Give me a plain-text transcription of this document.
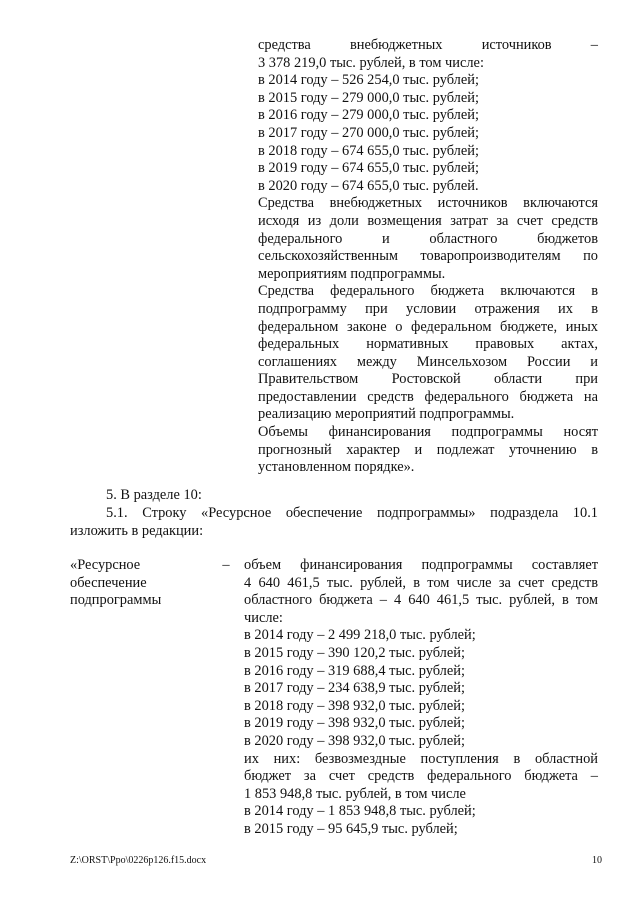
средства внебюджетных источников –
3 378 219,0 тыс. рублей, в том числе:
в 2014 году – 526 254,0 тыс. рублей;
в 2015 году – 279 000,0 тыс. рублей;
в 2016 году – 279 000,0 тыс. рублей;
в 2017 году – 270 000,0 тыс. рублей;
в 2018 году – 674 655,0 тыс. рублей;
в 2019 году – 674 655,0 тыс. рублей;
в 2020 году – 674 655,0 тыс. рублей.
Средства внебюджетных источников включаются
исходя из доли возмещения затрат за счет средств
федерального и областного бюджетов
сельскохозяйственным товаропроизводителям по
мероприятиям подпрограммы.
Средства федерального бюджета включаются в
подпрограмму при условии отражения их в
федеральном законе о федеральном бюджете, иных
федеральных нормативных правовых актах,
соглашениях между Минсельхозом России и
Правительством Ростовской области при
предоставлении средств федерального бюджета на
реализацию мероприятий подпрограммы.
Объемы финансирования подпрограммы носят
прогнозный характер и подлежат уточнению в
установленном порядке».
5. В разделе 10:
5.1. Строку «Ресурсное обеспечение подпрограммы» подраздела 10.1
изложить в редакции:
«Ресурсное
обеспечение
подпрограммы
– объем финансирования подпрограммы составляет
4 640 461,5 тыс. рублей, в том числе за счет средств
областного бюджета – 4 640 461,5 тыс. рублей, в том
числе:
в 2014 году – 2 499 218,0 тыс. рублей;
в 2015 году – 390 120,2 тыс. рублей;
в 2016 году – 319 688,4 тыс. рублей;
в 2017 году – 234 638,9 тыс. рублей;
в 2018 году – 398 932,0 тыс. рублей;
в 2019 году – 398 932,0 тыс. рублей;
в 2020 году – 398 932,0 тыс. рублей;
их них: безвозмездные поступления в областной
бюджет за счет средств федерального бюджета –
1 853 948,8 тыс. рублей, в том числе
в 2014 году – 1 853 948,8 тыс. рублей;
в 2015 году – 95 645,9 тыс. рублей;
Z:\ORST\Ppo\0226p126.f15.docx	10
